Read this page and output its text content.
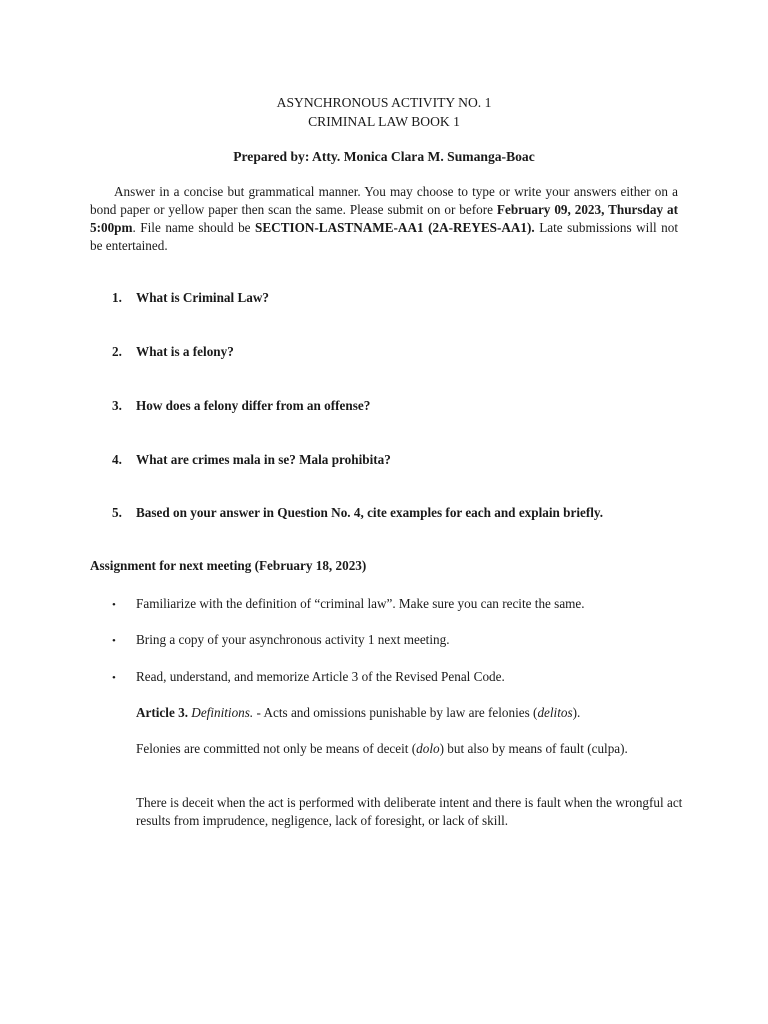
ASYNCHRONOUS ACTIVITY NO. 1
CRIMINAL LAW BOOK 1
Prepared by: Atty. Monica Clara M. Sumanga-Boac
Answer in a concise but grammatical manner. You may choose to type or write your answers either on a bond paper or yellow paper then scan the same. Please submit on or before February 09, 2023, Thursday at 5:00pm. File name should be SECTION-LASTNAME-AA1 (2A-REYES-AA1). Late submissions will not be entertained.
1. What is Criminal Law?
2. What is a felony?
3. How does a felony differ from an offense?
4. What are crimes mala in se? Mala prohibita?
5. Based on your answer in Question No. 4, cite examples for each and explain briefly.
Assignment for next meeting (February 18, 2023)
• Familiarize with the definition of “criminal law”. Make sure you can recite the same.
• Bring a copy of your asynchronous activity 1 next meeting.
• Read, understand, and memorize Article 3 of the Revised Penal Code.
Article 3. Definitions. - Acts and omissions punishable by law are felonies (delitos).
Felonies are committed not only be means of deceit (dolo) but also by means of fault (culpa).
There is deceit when the act is performed with deliberate intent and there is fault when the wrongful act results from imprudence, negligence, lack of foresight, or lack of skill.
